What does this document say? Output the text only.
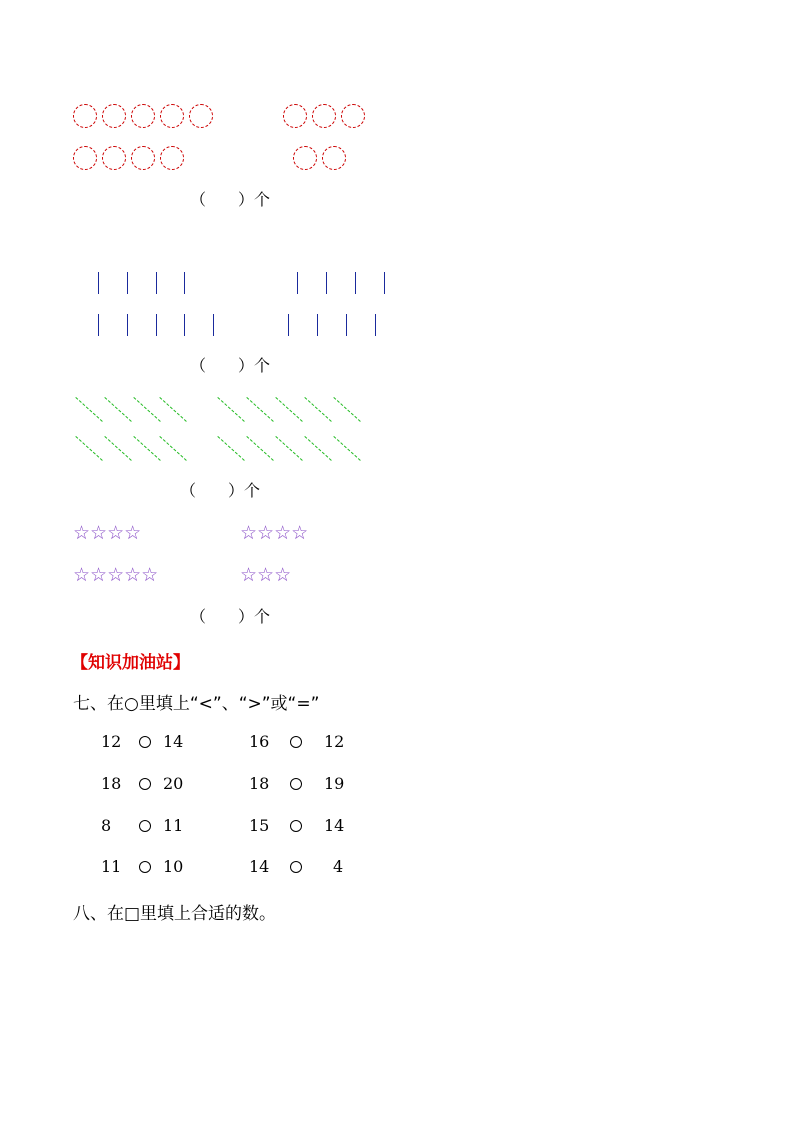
（　　）个
（　　）个
（　　）个
☆☆☆☆	☆☆☆☆
☆☆☆☆☆	☆☆☆
（　　）个
【知识加油站】
七、在○里填上“<”、“>”或“=”
12	14	16	12
18	20	18	19
8	11	15	14
11	10	14	4
八、在□里填上合适的数。
